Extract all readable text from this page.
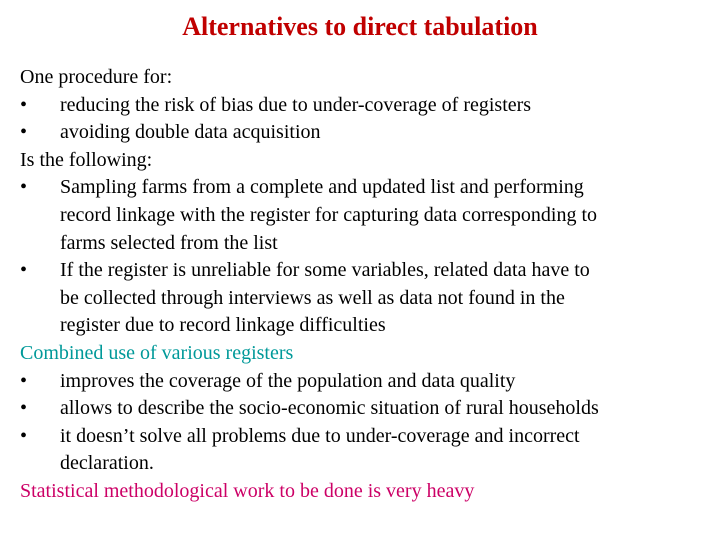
Alternatives to direct tabulation
One procedure for:
• reducing the risk of bias due to under-coverage of registers
• avoiding double data acquisition
Is the following:
• Sampling farms from a complete and updated list and performing
record linkage with the register for capturing data corresponding to
farms selected from the list
• If the register is unreliable for some variables, related data have to
be collected through interviews as well as data not found in the
register due to record linkage difficulties
Combined use of various registers
• improves the coverage of the population and data quality
• allows to describe the socio-economic situation of rural households
• it doesn’t solve all problems due to under-coverage and incorrect
declaration.
Statistical methodological work to be done is very heavy
